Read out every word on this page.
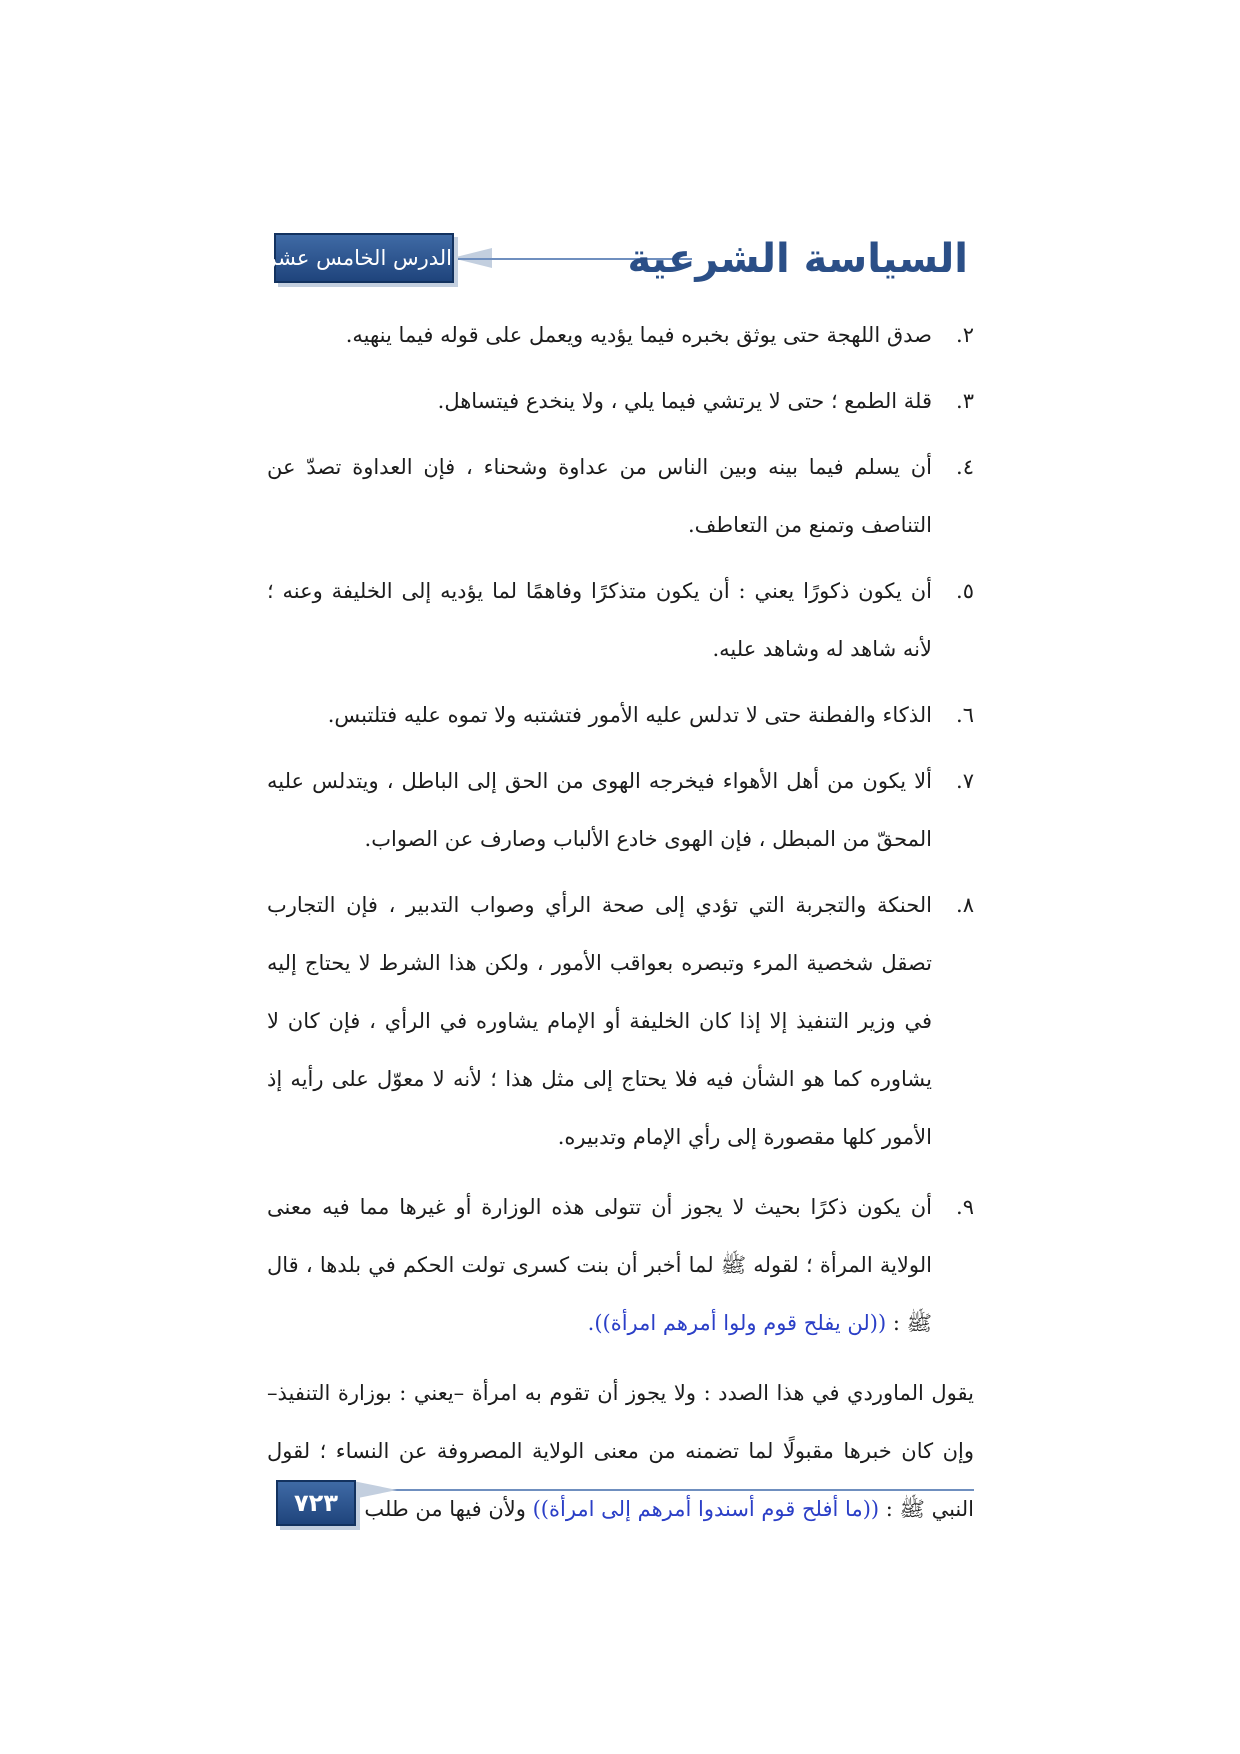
الدرس الخامس عشر	السياسة الشرعية
٢.
صدق اللهجة حتى يوثق بخبره فيما يؤديه ويعمل على قوله فيما ينهيه.
٣.
قلة الطمع ؛ حتى لا يرتشي فيما يلي ، ولا ينخدع فيتساهل.
٤.
أن يسلم فيما بينه وبين الناس من عداوة وشحناء ، فإن العداوة تصدّ عن التناصف وتمنع من التعاطف.
٥.
أن يكون ذكورًا يعني : أن يكون متذكرًا وفاهمًا لما يؤديه إلى الخليفة وعنه ؛ لأنه شاهد له وشاهد عليه.
٦.
الذكاء والفطنة حتى لا تدلس عليه الأمور فتشتبه ولا تموه عليه فتلتبس.
٧.
ألا يكون من أهل الأهواء فيخرجه الهوى من الحق إلى الباطل ، ويتدلس عليه المحقّ من المبطل ، فإن الهوى خادع الألباب وصارف عن الصواب.
٨.
الحنكة والتجربة التي تؤدي إلى صحة الرأي وصواب التدبير ، فإن التجارب تصقل شخصية المرء وتبصره بعواقب الأمور ، ولكن هذا الشرط لا يحتاج إليه في وزير التنفيذ إلا إذا كان الخليفة أو الإمام يشاوره في الرأي ، فإن كان لا يشاوره كما هو الشأن فيه فلا يحتاج إلى مثل هذا ؛ لأنه لا معوّل على رأيه إذ الأمور كلها مقصورة إلى رأي الإمام وتدبيره.
٩.
أن يكون ذكرًا بحيث لا يجوز أن تتولى هذه الوزارة أو غيرها مما فيه معنى الولاية المرأة ؛ لقوله ﷺ لما أخبر أن بنت كسرى تولت الحكم في بلدها ، قال ﷺ : ((لن يفلح قوم ولوا أمرهم امرأة)).

يقول الماوردي في هذا الصدد : ولا يجوز أن تقوم به امرأة –يعني : بوزارة التنفيذ– وإن كان خبرها مقبولًا لما تضمنه من معنى الولاية المصروفة عن النساء ؛ لقول النبي ﷺ : ((ما أفلح قوم أسندوا أمرهم إلى امرأة)) ولأن فيها من طلب

٧٢٣
